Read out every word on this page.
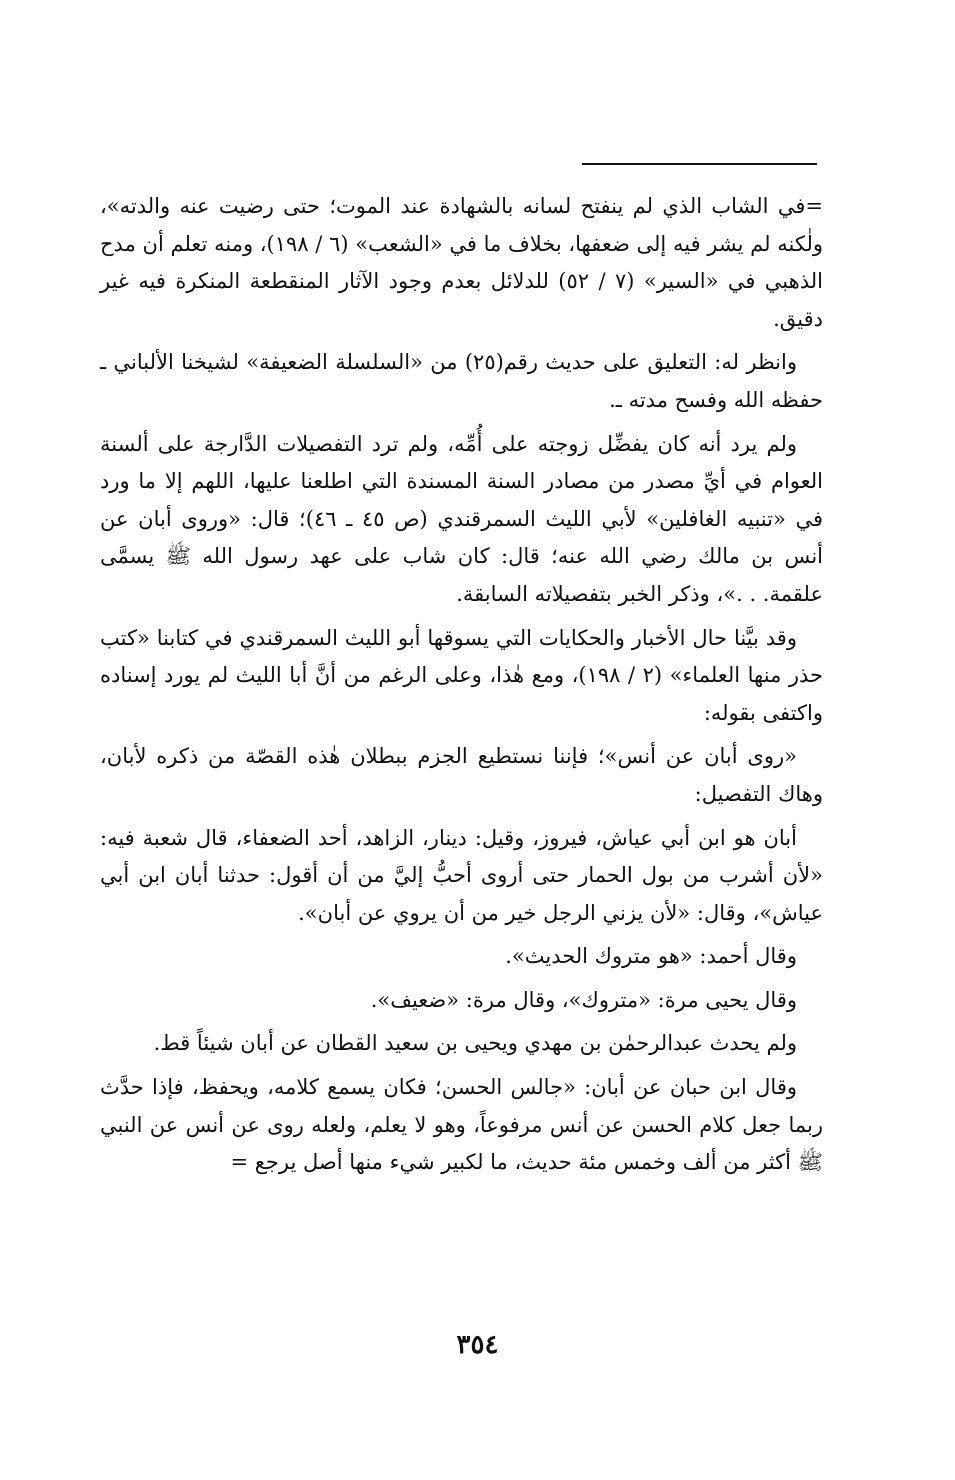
=في الشاب الذي لم ينفتح لسانه بالشهادة عند الموت؛ حتى رضيت عنه والدته»، ولٰكنه لم يشر فيه إلى ضعفها، بخلاف ما في «الشعب» (٦ / ١٩٨)، ومنه تعلم أن مدح الذهبي في «السير» (٧ / ٥٢) للدلائل بعدم وجود الآثار المنقطعة المنكرة فيه غير دقيق.

وانظر له: التعليق على حديث رقم(٢٥) من «السلسلة الضعيفة» لشيخنا الألباني ـ حفظه الله وفسح مدته ـ.

ولم يرد أنه كان يفضِّل زوجته على أُمِّه، ولم ترد التفصيلات الدَّارجة على ألسنة العوام في أيِّ مصدر من مصادر السنة المسندة التي اطلعنا عليها، اللهم إلا ما ورد في «تنبيه الغافلين» لأبي الليث السمرقندي (ص ٤٥ ـ ٤٦)؛ قال: «وروى أبان عن أنس بن مالك رضي الله عنه؛ قال: كان شاب على عهد رسول الله ﷺ يسمَّى علقمة. . .»، وذكر الخبر بتفصيلاته السابقة.

وقد بيَّنا حال الأخبار والحكايات التي يسوقها أبو الليث السمرقندي في كتابنا «كتب حذر منها العلماء» (٢ / ١٩٨)، ومع هٰذا، وعلى الرغم من أنَّ أبا الليث لم يورد إسناده واكتفى بقوله:

«روى أبان عن أنس»؛ فإننا نستطيع الجزم ببطلان هٰذه القصّة من ذكره لأبان، وهاك التفصيل:

أبان هو ابن أبي عياش، فيروز، وقيل: دينار، الزاهد، أحد الضعفاء، قال شعبة فيه: «لأن أشرب من بول الحمار حتى أروى أحبُّ إليَّ من أن أقول: حدثنا أبان ابن أبي عياش»، وقال: «لأن يزني الرجل خير من أن يروي عن أبان».

وقال أحمد: «هو متروك الحديث».

وقال يحيى مرة: «متروك»، وقال مرة: «ضعيف».

ولم يحدث عبدالرحمٰن بن مهدي ويحيى بن سعيد القطان عن أبان شيئاً قط.

وقال ابن حبان عن أبان: «جالس الحسن؛ فكان يسمع كلامه، ويحفظ، فإذا حدَّث ربما جعل كلام الحسن عن أنس مرفوعاً، وهو لا يعلم، ولعله روى عن أنس عن النبي ﷺ أكثر من ألف وخمس مئة حديث، ما لكبير شيء منها أصل يرجع =

٣٥٤
